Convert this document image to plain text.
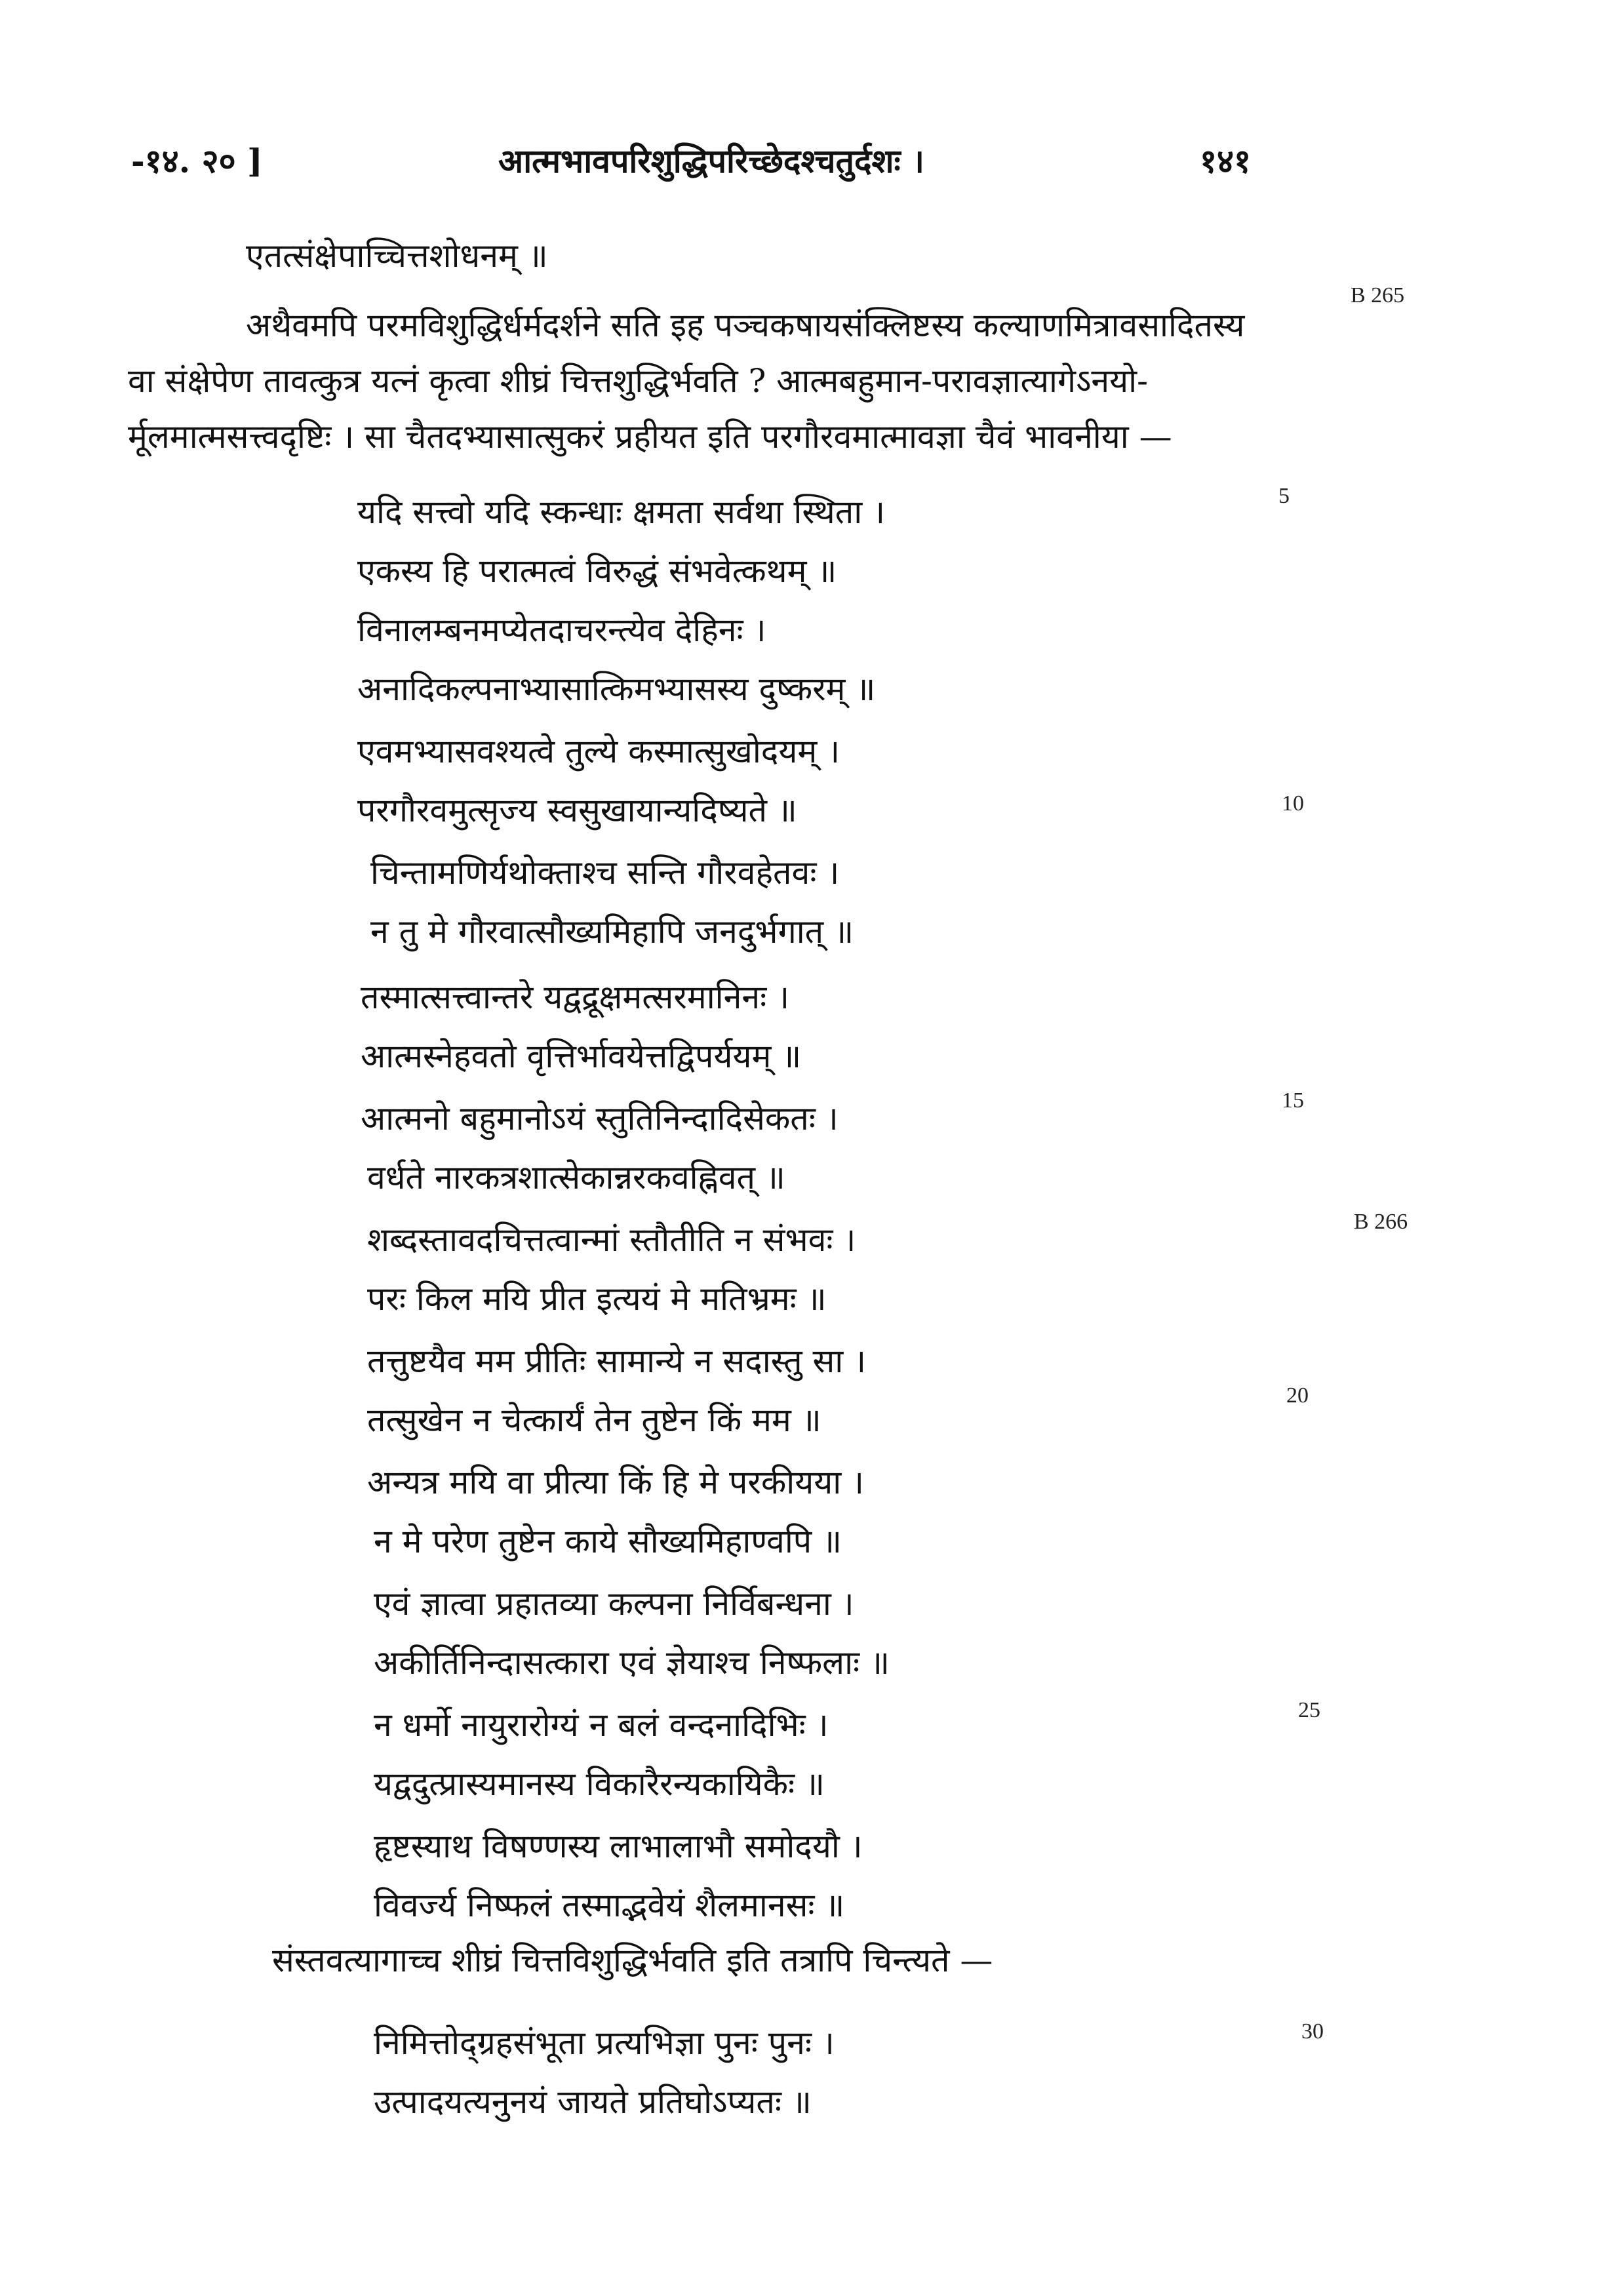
-१४. २० ]	आत्मभावपरिशुद्धिपरिच्छेदश्चतुर्दशः ।	१४१
एतत्संक्षेपाच्चित्तशोधनम् ॥
अथैवमपि परमविशुद्धिर्धर्मदर्शने सति इह पञ्चकषायसंक्लिष्टस्य कल्याणमित्रावसादितस्य
वा संक्षेपेण तावत्कुत्र यत्नं कृत्वा शीघ्रं चित्तशुद्धिर्भवति ? आत्मबहुमान-परावज्ञात्यागेऽनयो-
र्मूलमात्मसत्त्वदृष्टिः । सा चैतदभ्यासात्सुकरं प्रहीयत इति परगौरवमात्मावज्ञा चैवं भावनीया —
यदि सत्त्वो यदि स्कन्धाः क्षमता सर्वथा स्थिता ।
एकस्य हि परात्मत्वं विरुद्धं संभवेत्कथम् ॥
विनालम्बनमप्येतदाचरन्त्येव देहिनः ।
अनादिकल्पनाभ्यासात्किमभ्यासस्य दुष्करम् ॥
एवमभ्यासवश्यत्वे तुल्ये कस्मात्सुखोदयम् ।
परगौरवमुत्सृज्य स्वसुखायान्यदिष्यते ॥
चिन्तामणिर्यथोक्ताश्च सन्ति गौरवहेतवः ।
न तु मे गौरवात्सौख्यमिहापि जनदुर्भगात् ॥
तस्मात्सत्त्वान्तरे यद्वद्रूक्षमत्सरमानिनः ।
आत्मस्नेहवतो वृत्तिर्भावयेत्तद्विपर्ययम् ॥
आत्मनो बहुमानोऽयं स्तुतिनिन्दादिसेकतः ।
वर्धते नारकत्रशात्सेकान्नरकवह्निवत् ॥
शब्दस्तावदचित्तत्वान्मां स्तौतीति न संभवः ।
परः किल मयि प्रीत इत्ययं मे मतिभ्रमः ॥
तत्तुष्टयैव मम प्रीतिः सामान्ये न सदास्तु सा ।
तत्सुखेन न चेत्कार्यं तेन तुष्टेन किं मम ॥
अन्यत्र मयि वा प्रीत्या किं हि मे परकीयया ।
न मे परेण तुष्टेन काये सौख्यमिहाण्वपि ॥
एवं ज्ञात्वा प्रहातव्या कल्पना निर्विबन्धना ।
अकीर्तिनिन्दासत्कारा एवं ज्ञेयाश्च निष्फलाः ॥
न धर्मो नायुरारोग्यं न बलं वन्दनादिभिः ।
यद्वदुत्प्रास्यमानस्य विकारैरन्यकायिकैः ॥
हृष्टस्याथ विषण्णस्य लाभालाभौ समोदयौ ।
विवर्ज्य निष्फलं तस्माद्भवेयं शैलमानसः ॥
संस्तवत्यागाच्च शीघ्रं चित्तविशुद्धिर्भवति इति तत्रापि चिन्त्यते —
निमित्तोद्ग्रहसंभूता प्रत्यभिज्ञा पुनः पुनः ।
उत्पादयत्यनुनयं जायते प्रतिघोऽप्यतः ॥
5
10
15
20
25
30
B 265
B 266
